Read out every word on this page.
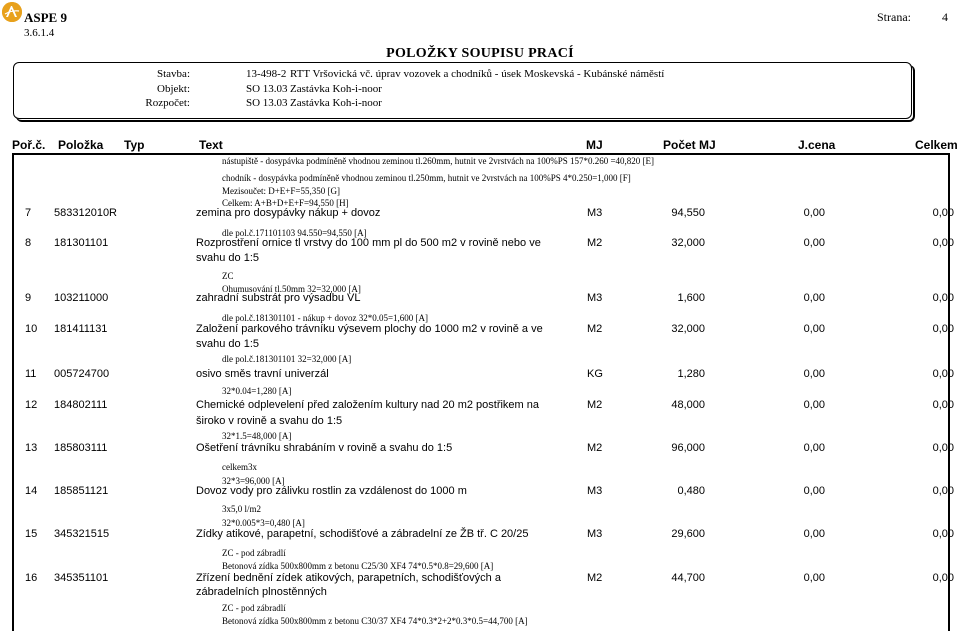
ASPE 9
3.6.1.4
Strana:	4
POLOŽKY SOUPISU PRACÍ
Stavba:	13-498-2 RTT Vršovická vč. úprav vozovek a chodníků - úsek Moskevská - Kubánské náměstí
Objekt:	SO 13.03 Zastávka Koh-i-noor
Rozpočet:	SO 13.03 Zastávka Koh-i-noor
Poř.č. Položka Typ	Text	MJ	Počet MJ	J.cena	Celkem
nástupiště - dosypávka podmíněně vhodnou zeminou tl.260mm, hutnit ve 2vrstvách na 100%PS 157*0.260 =40,820 [E]
chodník - dosypávka podmíněně vhodnou zeminou tl.250mm, hutnit ve 2vrstvách na 100%PS 4*0.250=1,000 [F]
Mezisoučet: D+E+F=55,350 [G]
Celkem: A+B+D+E+F=94,550 [H]
7 583312010R	zemina pro dosypávky nákup + dovoz	M3	94,550	0,00	0,00
dle pol.č.171101103 94.550=94,550 [A]
8 181301101	Rozprostření ornice tl vrstvy do 100 mm pl do 500 m2 v rovině nebo ve	M2	32,000	0,00	0,00
svahu do 1:5
ZC
Ohumusování tl.50mm 32=32,000 [A]
9 103211000	zahradní substrát pro výsadbu VL	M3	1,600	0,00	0,00
dle pol.č.181301101 - nákup + dovoz 32*0.05=1,600 [A]
10 181411131	Založení parkového trávníku výsevem plochy do 1000 m2 v rovině a ve	M2	32,000	0,00	0,00
svahu do 1:5
dle pol.č.181301101 32=32,000 [A]
11 005724700	osivo směs travní univerzál	KG	1,280	0,00	0,00
32*0.04=1,280 [A]
12 184802111	Chemické odplevelení před založením kultury nad 20 m2 postřikem na	M2	48,000	0,00	0,00
široko v rovině a svahu do 1:5
32*1.5=48,000 [A]
13 185803111	Ošetření trávníku shrabáním v rovině a svahu do 1:5	M2	96,000	0,00	0,00
celkem3x
32*3=96,000 [A]
14 185851121	Dovoz vody pro zálivku rostlin za vzdálenost do 1000 m	M3	0,480	0,00	0,00
3x5,0 l/m2
32*0.005*3=0,480 [A]
15 345321515	Zídky atikové, parapetní, schodišťové a zábradelní ze ŽB tř. C 20/25	M3	29,600	0,00	0,00
ZC - pod zábradlí
Betonová zídka 500x800mm z betonu C25/30 XF4 74*0.5*0.8=29,600 [A]
16 345351101	Zřízení bednění zídek atikových, parapetních, schodišťových a	M2	44,700	0,00	0,00
zábradelních plnostěnných
ZC - pod zábradlí
Betonová zídka 500x800mm z betonu C30/37 XF4 74*0.3*2+2*0.3*0.5=44,700 [A]
